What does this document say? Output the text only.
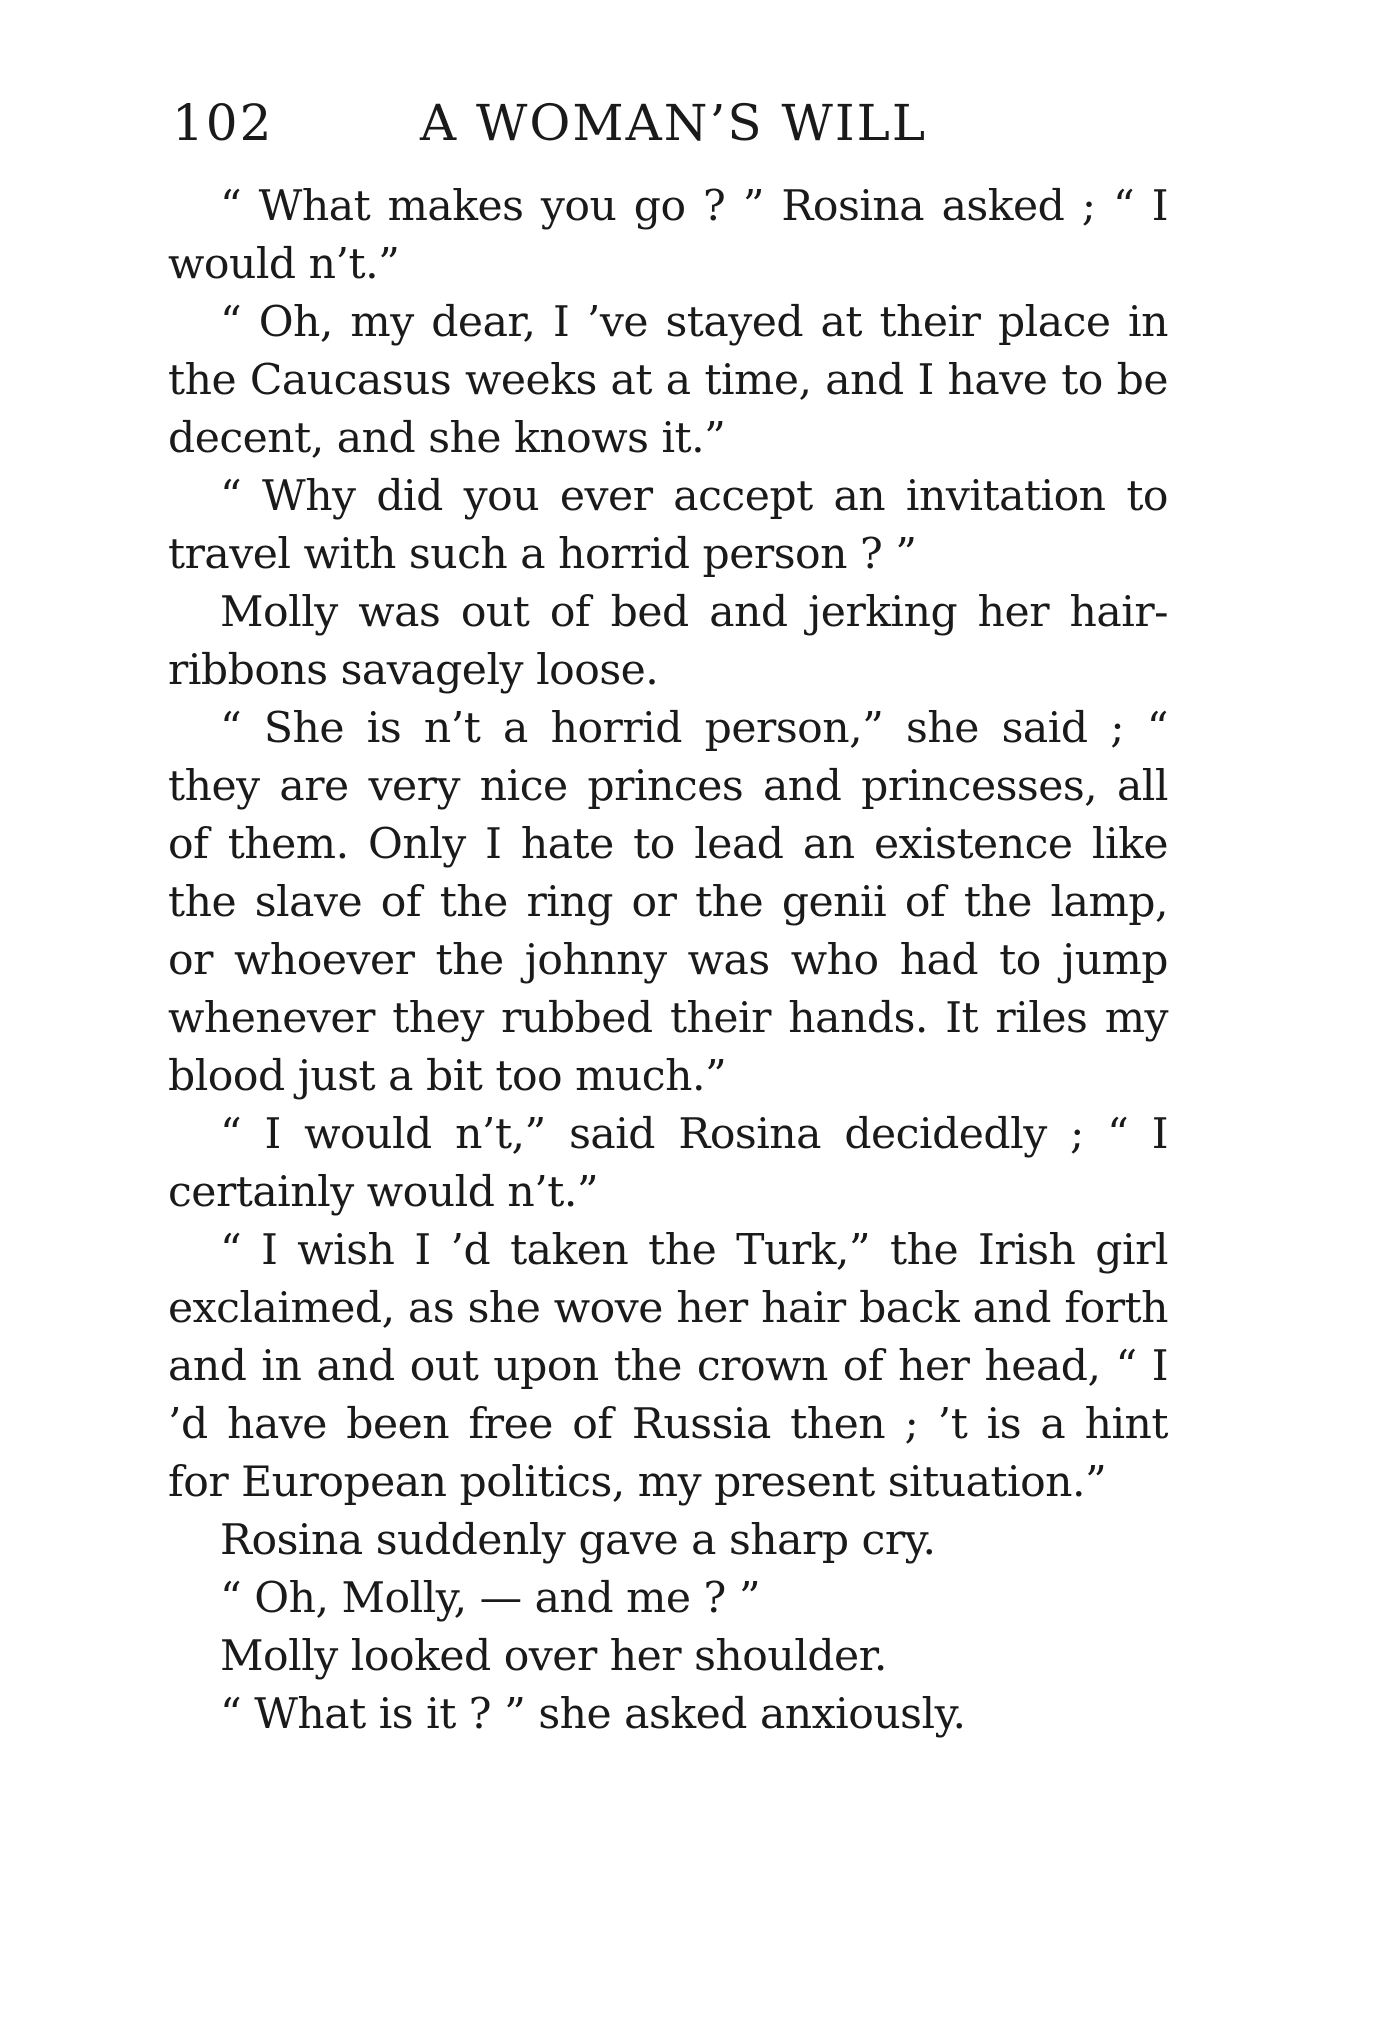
102	A WOMAN’S WILL

“ What makes you go ? ” Rosina asked ; “ I would n’t.”

“ Oh, my dear, I ’ve stayed at their place in the Caucasus weeks at a time, and I have to be decent, and she knows it.”

“ Why did you ever accept an invitation to travel with such a horrid person ? ”

Molly was out of bed and jerking her hair-ribbons savagely loose.

“ She is n’t a horrid person,” she said ; “ they are very nice princes and princesses, all of them. Only I hate to lead an existence like the slave of the ring or the genii of the lamp, or whoever the johnny was who had to jump whenever they rubbed their hands. It riles my blood just a bit too much.”

“ I would n’t,” said Rosina decidedly ; “ I certainly would n’t.”

“ I wish I ’d taken the Turk,” the Irish girl exclaimed, as she wove her hair back and forth and in and out upon the crown of her head, “ I ’d have been free of Russia then ; ’t is a hint for European politics, my present situation.”

Rosina suddenly gave a sharp cry.

“ Oh, Molly, — and me ? ”

Molly looked over her shoulder.

“ What is it ? ” she asked anxiously.
